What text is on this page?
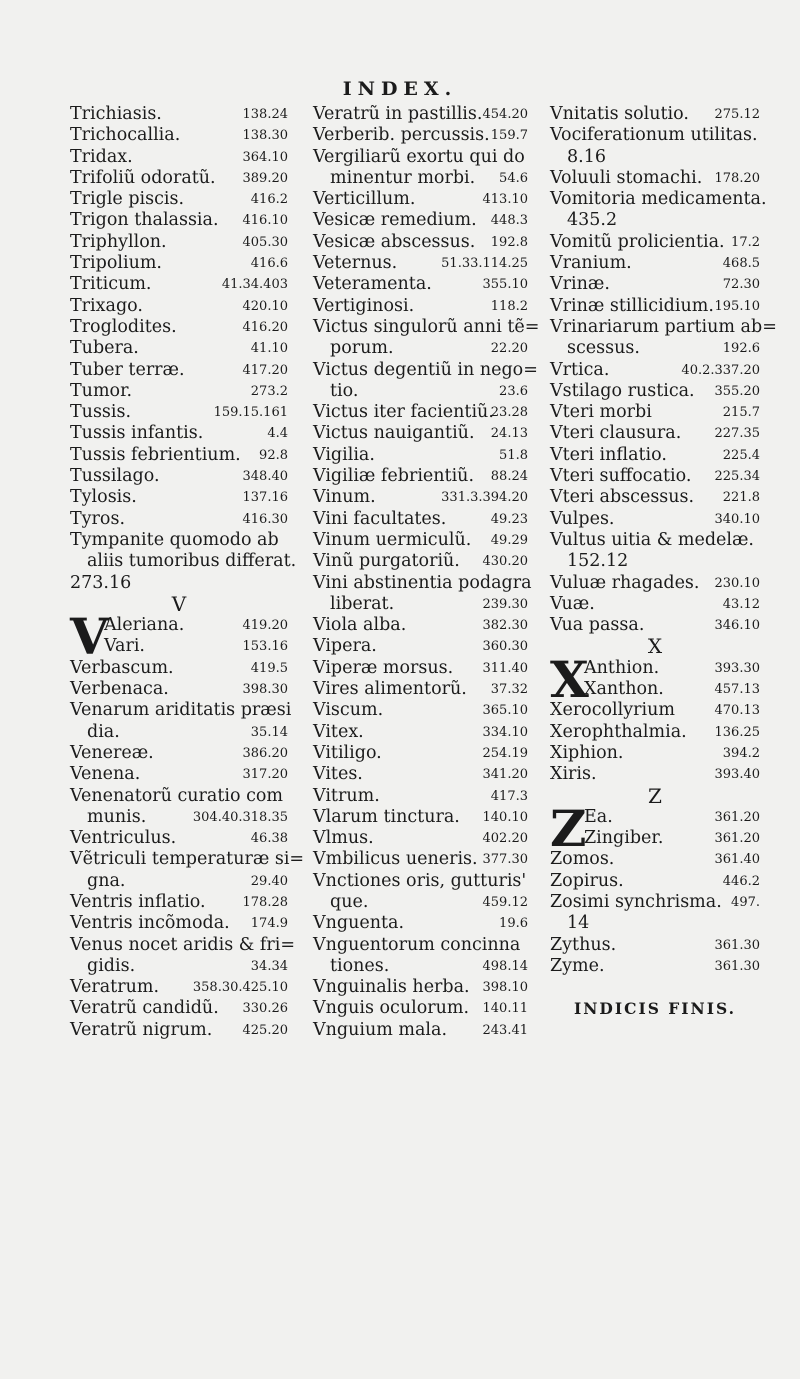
INDEX.
Trichiasis.	138.24
Trichocallia.	138.30
Tridax.	364.10
Trifoliũ odoratũ. 389.20
Trigle piscis.	416.2
Trigon thalassia. 416.10
Triphyllon.	405.30
Tripolium.	416.6
Triticum.	41.34.403
Trixago.	420.10
Troglodites.	416.20
Tubera.	41.10
Tuber terræ.	417.20
Tumor.	273.2
Tussis.	159.15.161
Tussis infantis.	4.4
Tussis febrientium. 92.8
Tussilago.	348.40
Tylosis.	137.16
Tyros.	416.30
Tympanite quomodo ab
aliis tumoribus differat.
273.16
V
V
Aleriana.	419.20
Vari.	153.16
Verbascum.	419.5
Verbenaca.	398.30
Venarum ariditatis præsi
dia.	35.14
Venereæ.	386.20
Venena.	317.20
Venenatorũ curatio com
munis.	304.40.318.35
Ventriculus.	46.38
Vẽtriculi temperaturæ si=
gna.	29.40
Ventris inflatio.	178.28
Ventris incõmoda. 174.9
Venus nocet aridis & fri=
gidis.	34.34
Veratrum.	358.30.425.10
Veratrũ candidũ. 330.26
Veratrũ nigrum. 425.20
Veratrũ in pastillis. 454.20
Verberib. percussis. 159.7
Vergiliarũ exortu qui do
minentur morbi. 54.6
Verticillum.	413.10
Vesicæ remedium. 448.3
Vesicæ abscessus. 192.8
Veternus.	51.33.114.25
Veteramenta.	355.10
Vertiginosi.	118.2
Victus singulorũ anni tẽ=
porum.	22.20
Victus degentiũ in nego=
tio.	23.6
Victus iter facientiũ.
23.28
Victus nauigantiũ. 24.13
Vigilia.	51.8
Vigiliæ febrientiũ. 88.24
Vinum.	331.3.394.20
Vini facultates.	49.23
Vinum uermiculũ. 49.29
Vinũ purgatoriũ. 430.20
Vini abstinentia podagra
liberat.	239.30
Viola alba.	382.30
Vipera.	360.30
Viperæ morsus. 311.40
Vires alimentorũ. 37.32
Viscum.	365.10
Vitex.	334.10
Vitiligo.	254.19
Vites.	341.20
Vitrum.	417.3
Vlarum tinctura. 140.10
Vlmus.	402.20
Vmbilicus ueneris. 377.30
Vnctiones oris, gutturis'
que.	459.12
Vnguenta.	19.6
Vnguentorum concinna
tiones.	498.14
Vnguinalis herba. 398.10
Vnguis oculorum. 140.11
Vnguium mala.	243.41
Vnitatis solutio. 275.12
Vociferationum utilitas.
8.16
Voluuli stomachi. 178.20
Vomitoria medicamenta.
435.2
Vomitũ prolicientia. 17.2
Vranium.	468.5
Vrinæ.	72.30
Vrinæ stillicidium. 195.10
Vrinariarum partium ab=
scessus.	192.6
Vrtica.	40.2.337.20
Vstilago rustica. 355.20
Vteri morbi	215.7
Vteri clausura.	227.35
Vteri inflatio.	225.4
Vteri suffocatio. 225.34
Vteri abscessus. 221.8
Vulpes.	340.10
Vultus uitia & medelæ.
152.12
Vuluæ rhagades. 230.10
Vuæ.	43.12
Vua passa.	346.10
X
X
Anthion.	393.30
Xanthon.	457.13
Xerocollyrium	470.13
Xerophthalmia. 136.25
Xiphion.	394.2
Xiris.	393.40
Z
Z
Ea.	361.20
Zingiber.	361.20
Zomos.	361.40
Zopirus.	446.2
Zosimi synchrisma. 497.
14
Zythus.	361.30
Zyme.	361.30
INDICIS FINIS.
